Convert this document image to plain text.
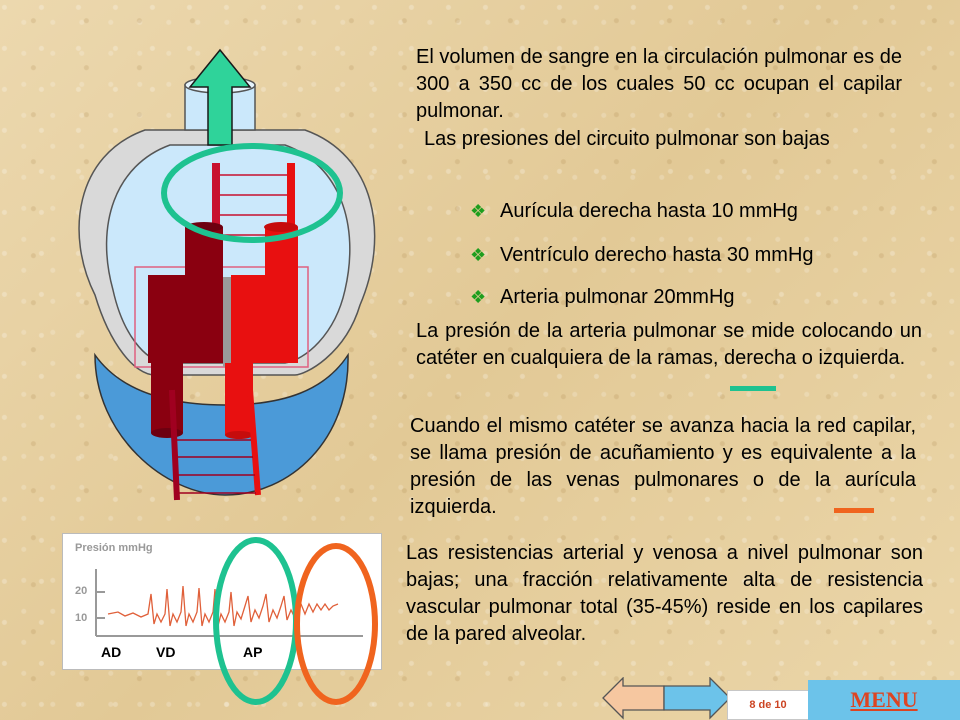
El volumen de sangre en la circulación pulmonar es de 300 a 350 cc de los cuales 50 cc ocupan el capilar pulmonar.
Las presiones del circuito pulmonar son bajas
❖ Aurícula derecha hasta 10 mmHg
❖ Ventrículo derecho hasta 30 mmHg
❖ Arteria pulmonar 20mmHg
La presión de la arteria pulmonar se mide colocando un catéter en cualquiera de la ramas, derecha o izquierda.
Cuando el mismo catéter se avanza hacia la red capilar, se llama presión de acuñamiento y es equivalente a la presión de las venas pulmonares o de la aurícula izquierda.
Las resistencias arterial y venosa a nivel pulmonar son bajas; una fracción relativamente alta de resistencia vascular pulmonar total (35-45%) reside en los capilares de la pared alveolar.
Presión mmHg
20
10
AD VD	AP
8 de 10	MENU
